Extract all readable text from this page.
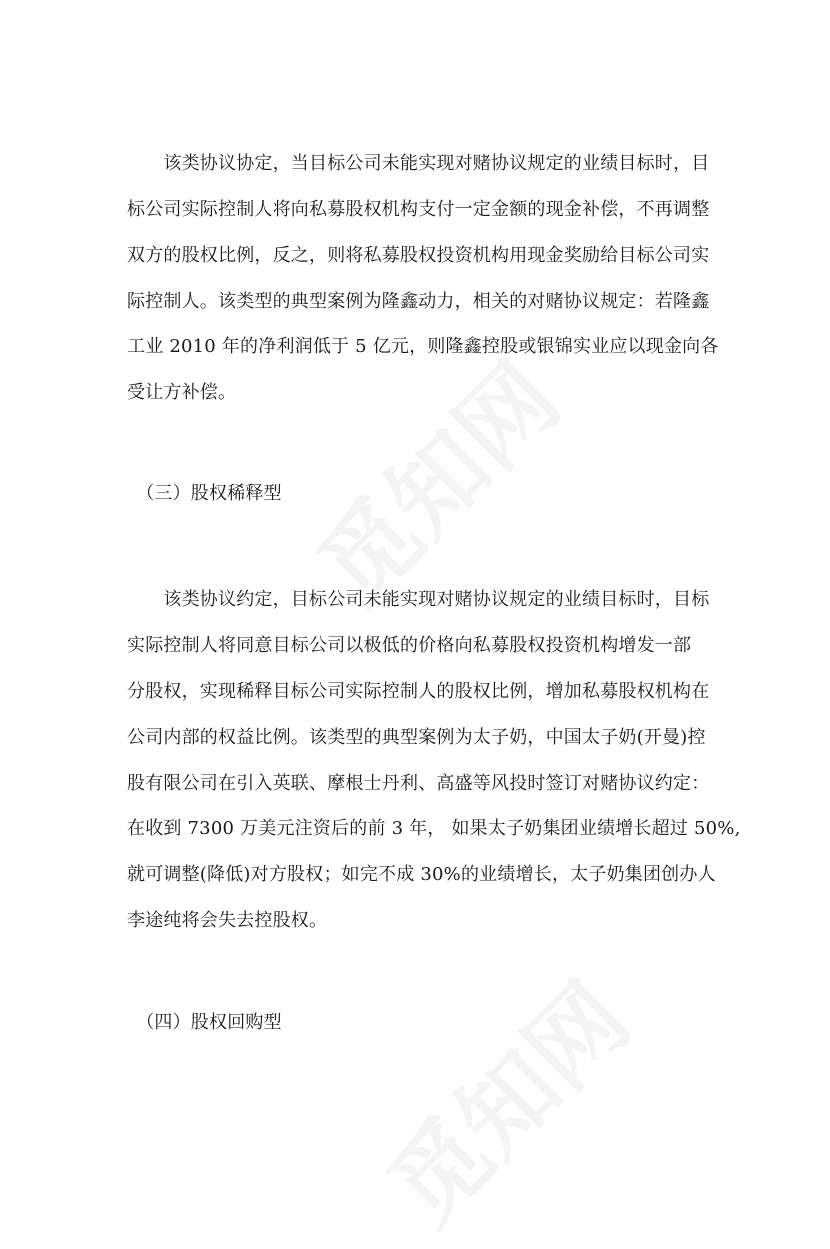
　　该类协议协定，当目标公司未能实现对赌协议规定的业绩目标时，目
标公司实际控制人将向私募股权机构支付一定金额的现金补偿，不再调整
双方的股权比例，反之，则将私募股权投资机构用现金奖励给目标公司实
际控制人。该类型的典型案例为隆鑫动力，相关的对赌协议规定：若隆鑫
工业 2010 年的净利润低于 5 亿元，则隆鑫控股或银锦实业应以现金向各
受让方补偿。
　（三）股权稀释型
　　该类协议约定，目标公司未能实现对赌协议规定的业绩目标时，目标
实际控制人将同意目标公司以极低的价格向私募股权投资机构增发一部
分股权，实现稀释目标公司实际控制人的股权比例，增加私募股权机构在
公司内部的权益比例。该类型的典型案例为太子奶，中国太子奶(开曼)控
股有限公司在引入英联、摩根士丹利、高盛等风投时签订对赌协议约定：
在收到 7300 万美元注资后的前 3 年， 如果太子奶集团业绩增长超过 50%,
就可调整(降低)对方股权；如完不成 30%的业绩增长，太子奶集团创办人
李途纯将会失去控股权。
　（四）股权回购型
